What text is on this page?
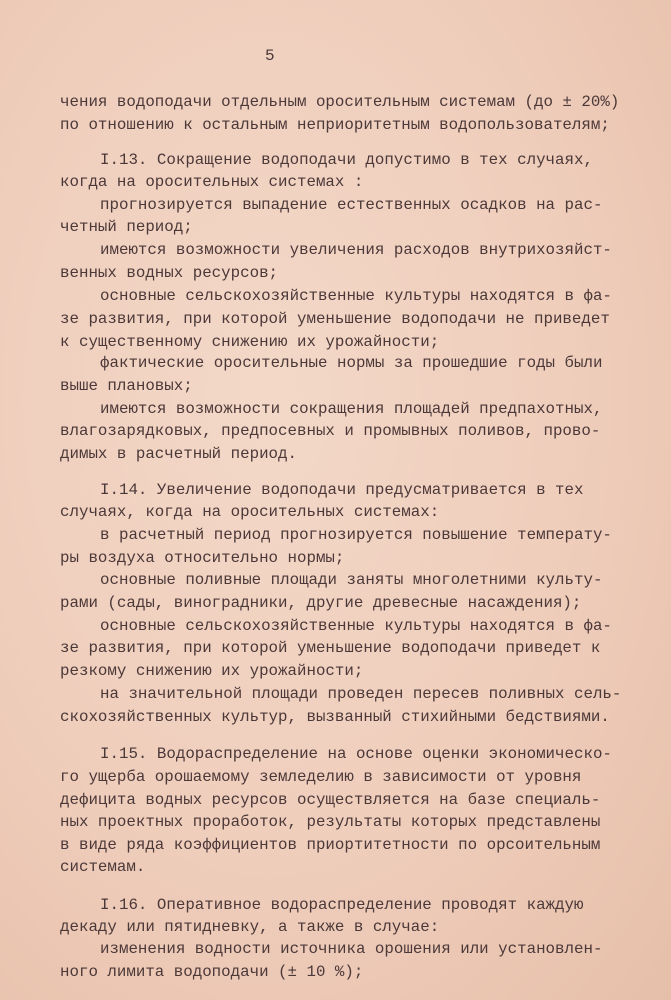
5
чения водоподачи отдельным оросительным системам (до ± 20%)
по отношению к остальным неприоритетным водопользователям;
I.13. Сокращение водоподачи допустимо в тех случаях,
когда на оросительных системах :
прогнозируется выпадение естественных осадков на рас-
четный период;
имеются возможности увеличения расходов внутрихозяйст-
венных водных ресурсов;
основные сельскохозяйственные культуры находятся в фа-
зе развития, при которой уменьшение водоподачи не приведет
к существенному снижению их урожайности;
фактические оросительные нормы за прошедшие годы были
выше плановых;
имеются возможности сокращения площадей предпахотных,
влагозарядковых, предпосевных и промывных поливов, прово-
димых в расчетный период.
I.14. Увеличение водоподачи предусматривается в тех
случаях, когда на оросительных системах:
в расчетный период прогнозируется повышение температу-
ры воздуха относительно нормы;
основные поливные площади заняты многолетними культу-
рами (сады, виноградники, другие древесные насаждения);
основные сельскохозяйственные культуры находятся в фа-
зе развития, при которой уменьшение водоподачи приведет к
резкому снижению их урожайности;
на значительной площади проведен пересев поливных сель-
скохозяйственных культур, вызванный стихийными бедствиями.
I.15. Водораспределение на основе оценки экономическо-
го ущерба орошаемому земледелию в зависимости от уровня
дефицита водных ресурсов осуществляется на базе специаль-
ных проектных проработок, результаты которых представлены
в виде ряда коэффициентов приортитетности по орсоительным
системам.
I.16. Оперативное водораспределение проводят каждую
декаду или пятидневку, а также в случае:
изменения водности источника орошения или установлен-
ного лимита водоподачи (± 10 %);
